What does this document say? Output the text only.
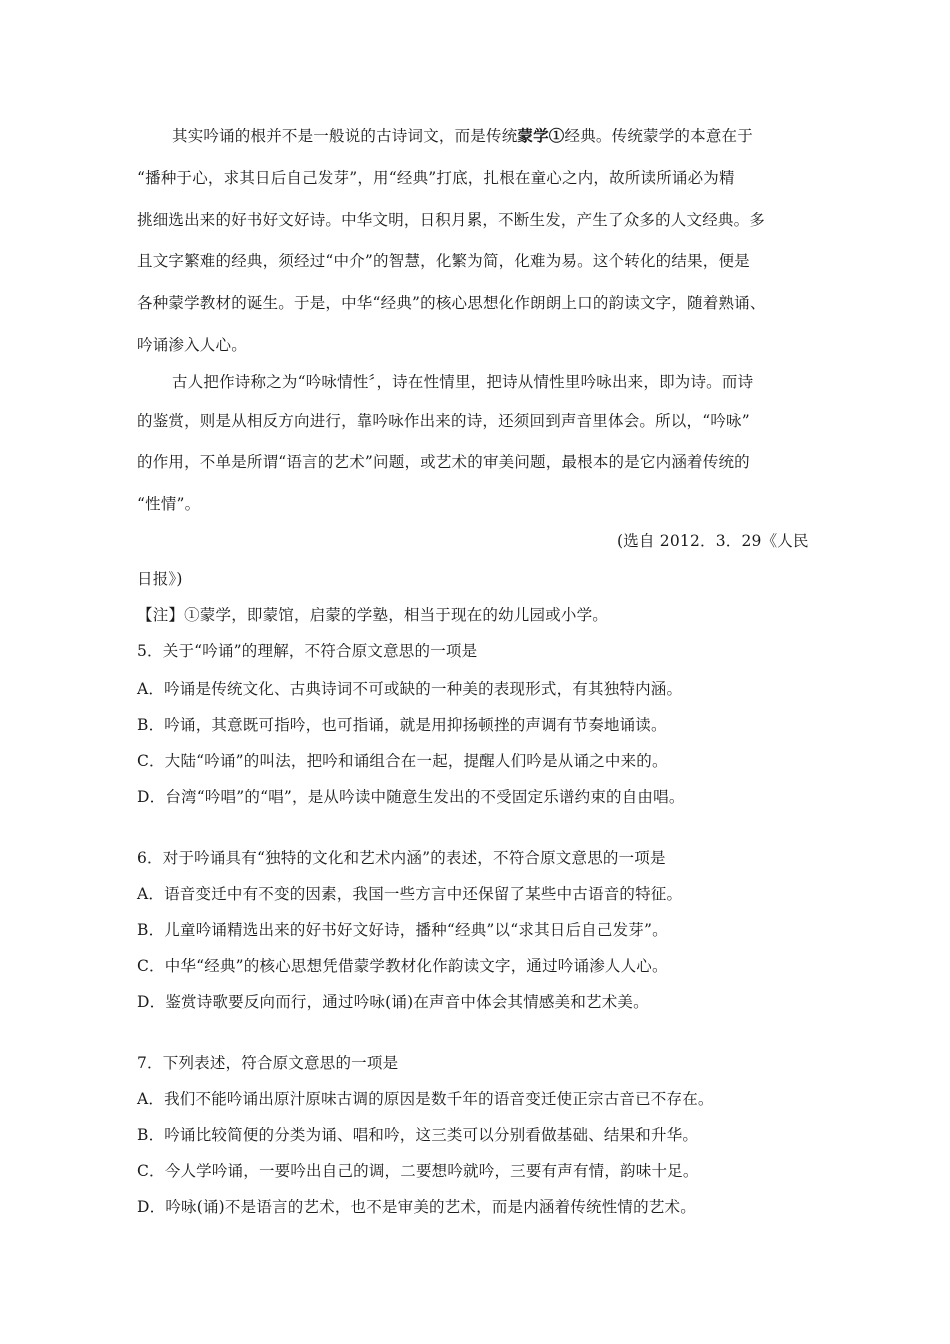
其实吟诵的根并不是一般说的古诗词文，而是传统蒙学①经典。传统蒙学的本意在于
“播种于心，求其日后自己发芽”，用“经典”打底，扎根在童心之内，故所读所诵必为精
挑细选出来的好书好文好诗。中华文明，日积月累，不断生发，产生了众多的人文经典。多
且文字繁难的经典，须经过“中介”的智慧，化繁为简，化难为易。这个转化的结果，便是
各种蒙学教材的诞生。于是，中华“经典”的核心思想化作朗朗上口的韵读文字，随着熟诵、
吟诵渗入人心。
古人把作诗称之为“吟咏情性〞，诗在性情里，把诗从情性里吟咏出来，即为诗。而诗
的鉴赏，则是从相反方向进行，靠吟咏作出来的诗，还须回到声音里体会。所以，“吟咏”
的作用，不单是所谓“语言的艺术”问题，或艺术的审美问题，最根本的是它内涵着传统的
“性情”。
(选自 2012．3．29《人民
日报》)
【注】①蒙学，即蒙馆，启蒙的学塾，相当于现在的幼儿园或小学。
5．关于“吟诵”的理解，不符合原文意思的一项是
A．吟诵是传统文化、古典诗词不可或缺的一种美的表现形式，有其独特内涵。
B．吟诵，其意既可指吟，也可指诵，就是用抑扬顿挫的声调有节奏地诵读。
C．大陆“吟诵”的叫法，把吟和诵组合在一起，提醒人们吟是从诵之中来的。
D．台湾“吟唱”的“唱”，是从吟读中随意生发出的不受固定乐谱约束的自由唱。
6．对于吟诵具有“独特的文化和艺术内涵”的表述，不符合原文意思的一项是
A．语音变迁中有不变的因素，我国一些方言中还保留了某些中古语音的特征。
B．儿童吟诵精选出来的好书好文好诗，播种“经典”以“求其日后自己发芽”。
C．中华“经典”的核心思想凭借蒙学教材化作韵读文字，通过吟诵渗人人心。
D．鉴赏诗歌要反向而行，通过吟咏(诵)在声音中体会其情感美和艺术美。
7．下列表述，符合原文意思的一项是
A．我们不能吟诵出原汁原味古调的原因是数千年的语音变迁使正宗古音已不存在。
B．吟诵比较简便的分类为诵、唱和吟，这三类可以分别看做基础、结果和升华。
C．今人学吟诵，一要吟出自己的调，二要想吟就吟，三要有声有情，韵味十足。
D．吟咏(诵)不是语言的艺术，也不是审美的艺术，而是内涵着传统性情的艺术。
